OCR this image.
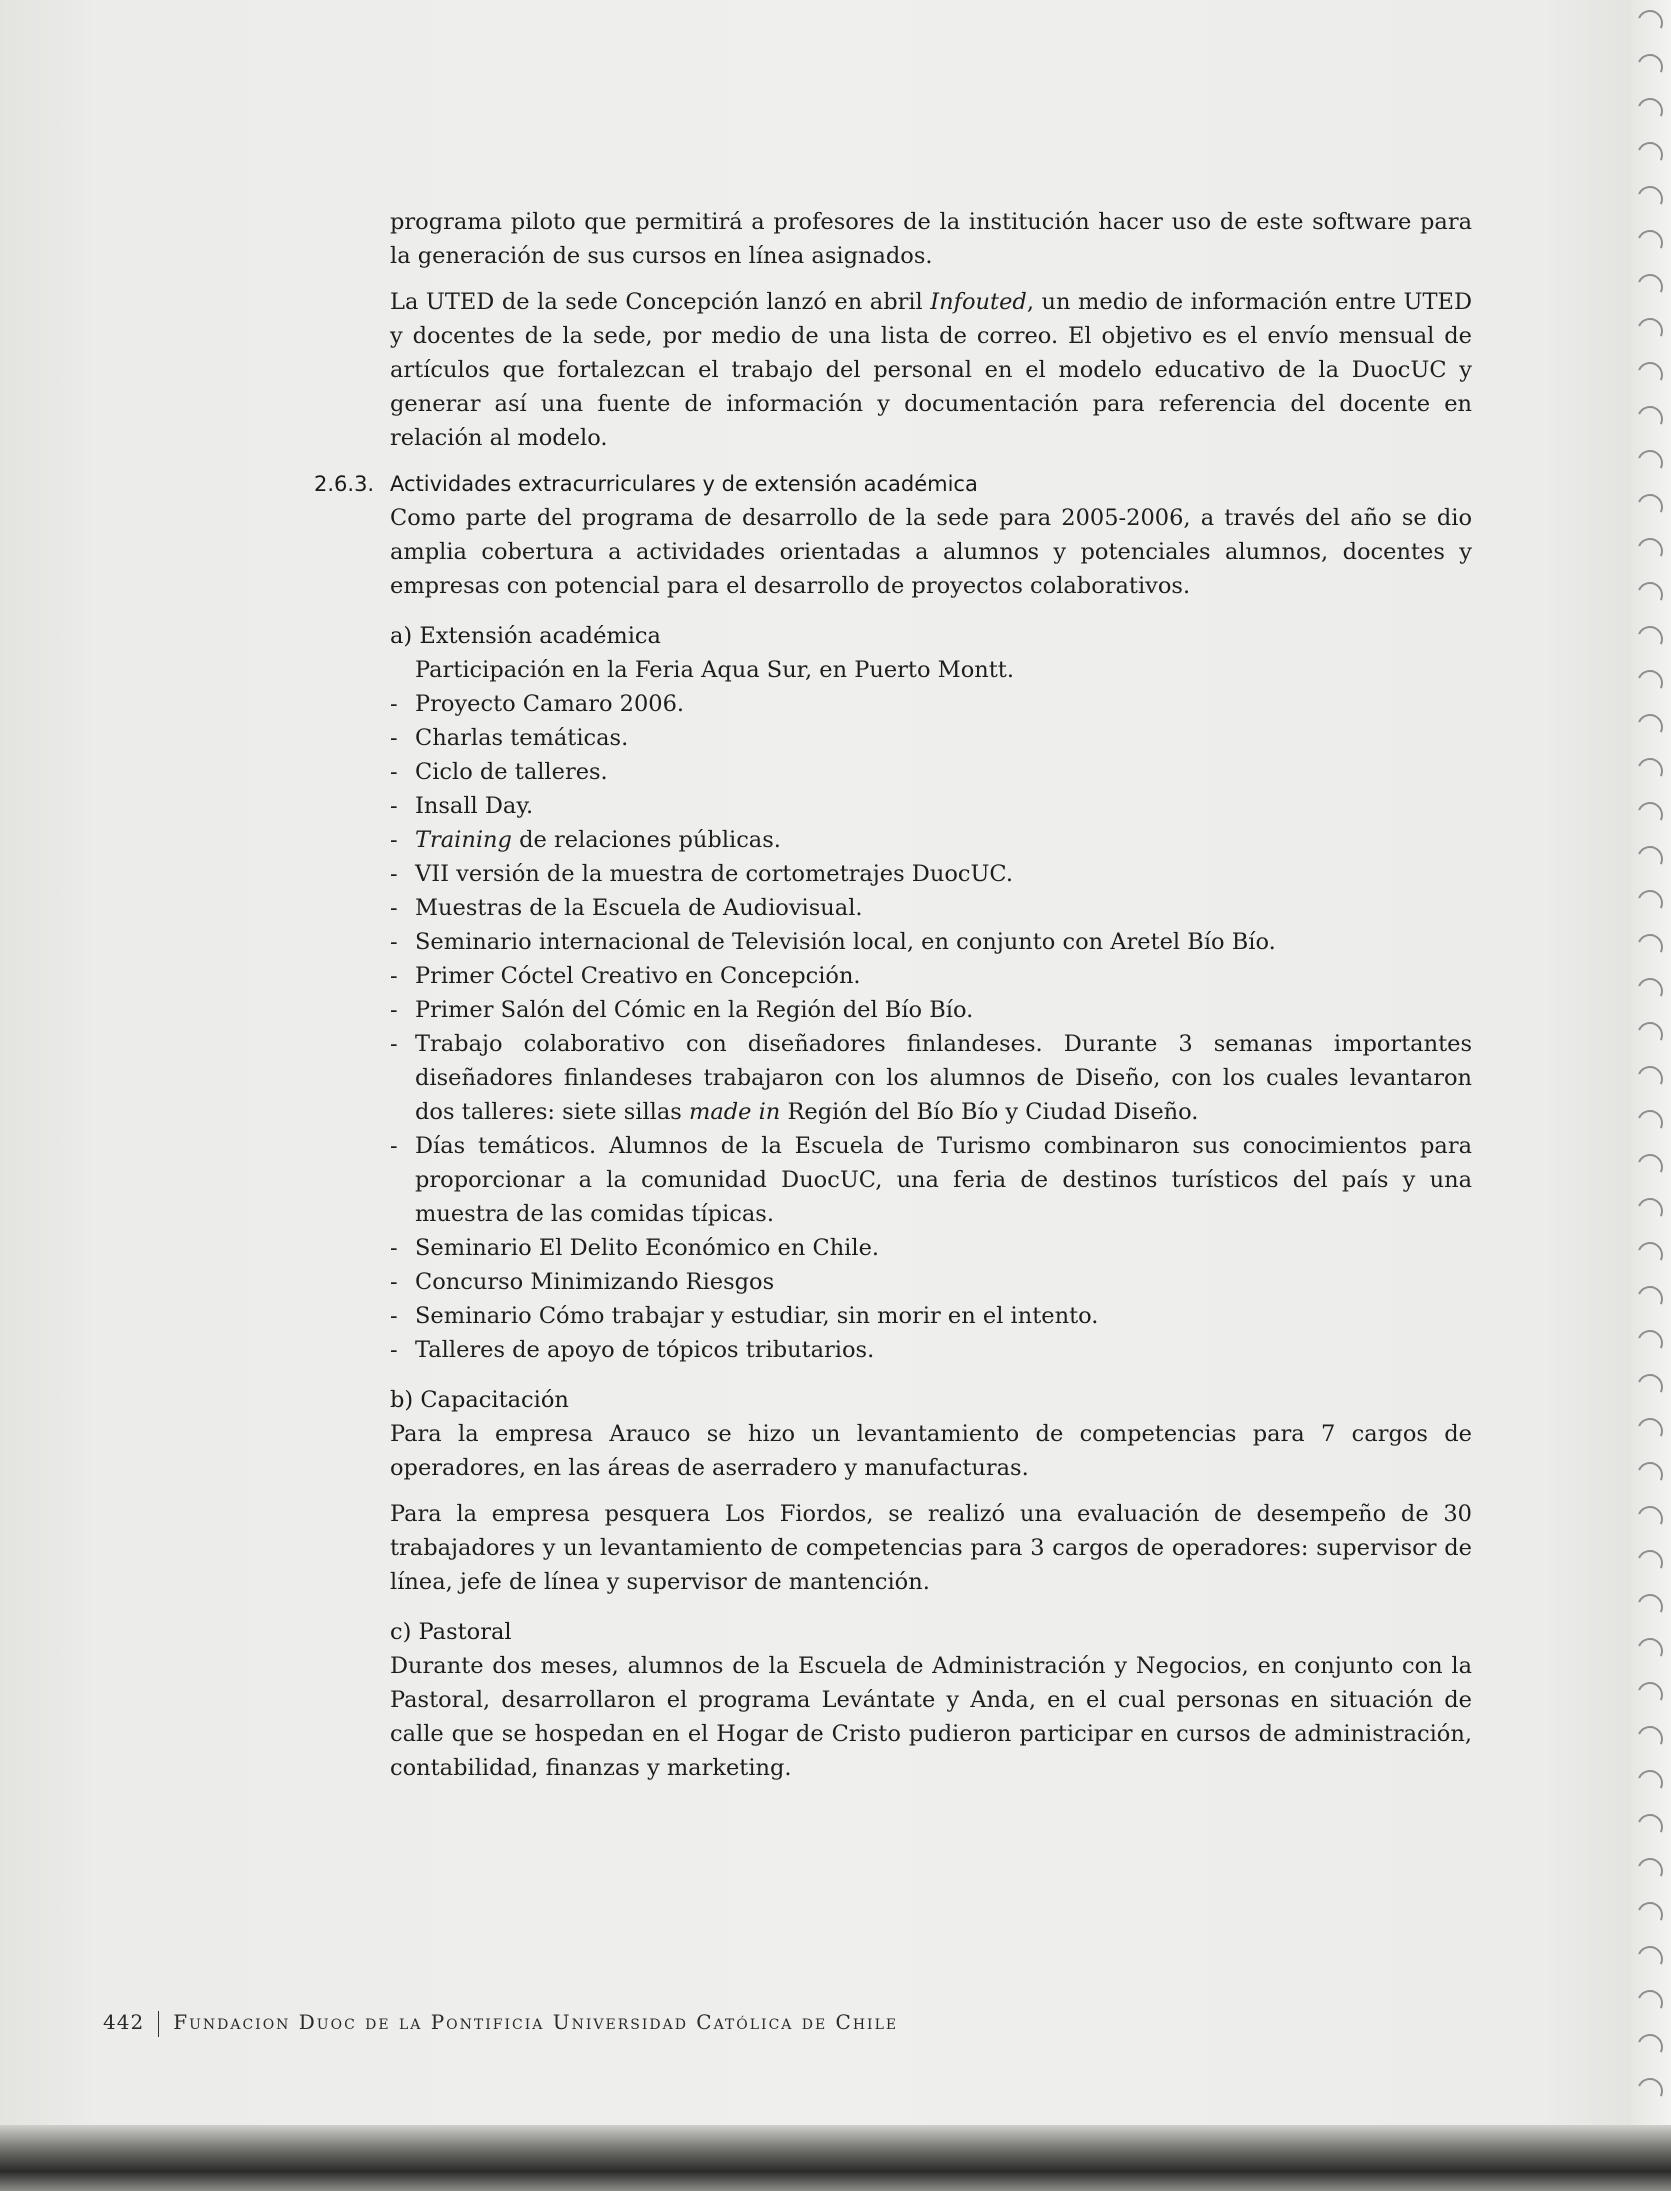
programa piloto que permitirá a profesores de la institución hacer uso de este software para la generación de sus cursos en línea asignados.

La UTED de la sede Concepción lanzó en abril Infouted, un medio de información entre UTED y docentes de la sede, por medio de una lista de correo. El objetivo es el envío mensual de artículos que fortalezcan el trabajo del personal en el modelo educativo de la DuocUC y generar así una fuente de información y documentación para referencia del docente en relación al modelo.

2.6.3. Actividades extracurriculares y de extensión académica

Como parte del programa de desarrollo de la sede para 2005-2006, a través del año se dio amplia cobertura a actividades orientadas a alumnos y potenciales alumnos, docentes y empresas con potencial para el desarrollo de proyectos colaborativos.

a) Extensión académica
Participación en la Feria Aqua Sur, en Puerto Montt.
- Proyecto Camaro 2006.
- Charlas temáticas.
- Ciclo de talleres.
- Insall Day.
- Training de relaciones públicas.
- VII versión de la muestra de cortometrajes DuocUC.
- Muestras de la Escuela de Audiovisual.
- Seminario internacional de Televisión local, en conjunto con Aretel Bío Bío.
- Primer Cóctel Creativo en Concepción.
- Primer Salón del Cómic en la Región del Bío Bío.
- Trabajo colaborativo con diseñadores finlandeses. Durante 3 semanas importantes diseñadores finlandeses trabajaron con los alumnos de Diseño, con los cuales levantaron dos talleres: siete sillas made in Región del Bío Bío y Ciudad Diseño.
- Días temáticos. Alumnos de la Escuela de Turismo combinaron sus conocimientos para proporcionar a la comunidad DuocUC, una feria de destinos turísticos del país y una muestra de las comidas típicas.
- Seminario El Delito Económico en Chile.
- Concurso Minimizando Riesgos
- Seminario Cómo trabajar y estudiar, sin morir en el intento.
- Talleres de apoyo de tópicos tributarios.
b) Capacitación

Para la empresa Arauco se hizo un levantamiento de competencias para 7 cargos de operadores, en las áreas de aserradero y manufacturas.

Para la empresa pesquera Los Fiordos, se realizó una evaluación de desempeño de 30 trabajadores y un levantamiento de competencias para 3 cargos de operadores: supervisor de línea, jefe de línea y supervisor de mantención.

c) Pastoral

Durante dos meses, alumnos de la Escuela de Administración y Negocios, en conjunto con la Pastoral, desarrollaron el programa Levántate y Anda, en el cual personas en situación de calle que se hospedan en el Hogar de Cristo pudieron participar en cursos de administración, contabilidad, finanzas y marketing.

442 Fundacion Duoc de la Pontificia Universidad Católica de Chile
